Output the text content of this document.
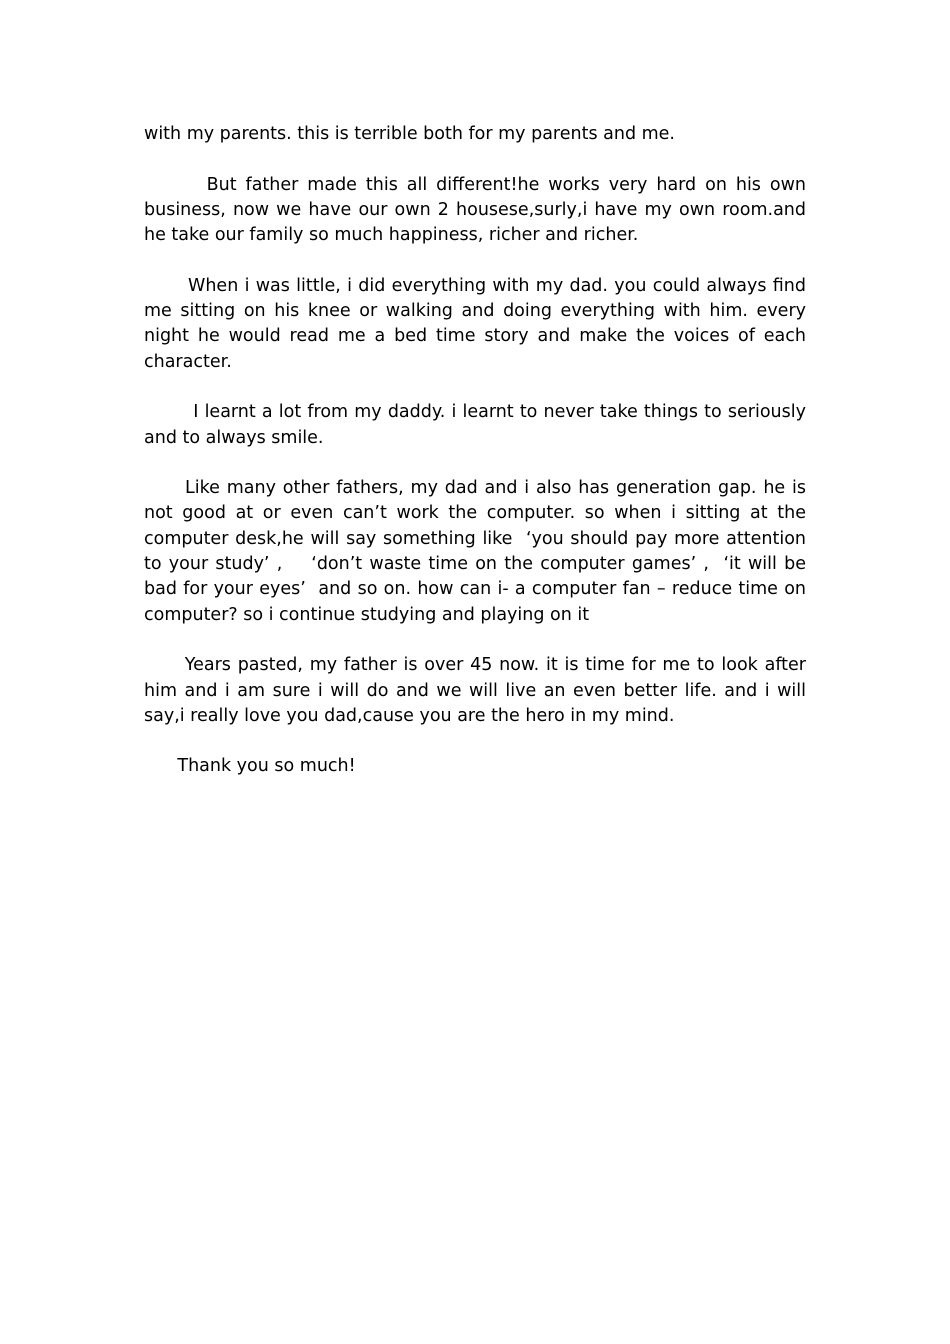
with my parents. this is terrible both for my parents and me.

But father made this all different!he works very hard on his own business, now we have our own 2 housese,surly,i have my own room.and he take our family so much happiness, richer and richer.

When i was little, i did everything with my dad. you could always find me sitting on his knee or walking and doing everything with him. every night he would read me a bed time story and make the voices of each character.

I learnt a lot from my daddy. i learnt to never take things to seriously and to always smile.

Like many other fathers, my dad and i also has generation gap. he is not good at or even can’t work the computer. so when i sitting at the computer desk,he will say something like  ‘you should pay more attention to your study’ ,    ‘don’t waste time on the computer games’ ,  ‘it will be bad for your eyes’  and so on. how can i- a computer fan – reduce time on computer? so i continue studying and playing on it

Years pasted, my father is over 45 now. it is time for me to look after him and i am sure i will do and we will live an even better life. and i will say,i really love you dad,cause you are the hero in my mind.

Thank you so much!
